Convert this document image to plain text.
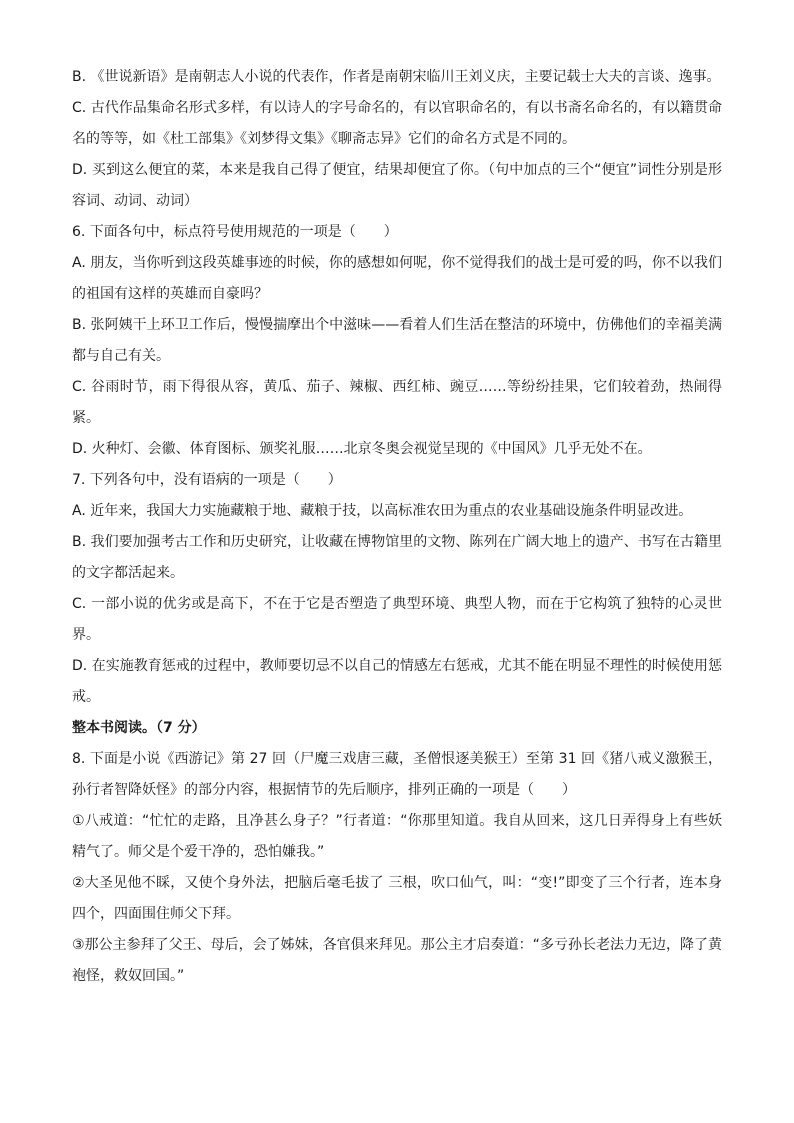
B. 《世说新语》是南朝志人小说的代表作，作者是南朝宋临川王刘义庆，主要记载士大夫的言谈、逸事。

C. 古代作品集命名形式多样，有以诗人的字号命名的，有以官职命名的，有以书斋名命名的，有以籍贯命名的等等，如《杜工部集》《刘梦得文集》《聊斋志异》它们的命名方式是不同的。

D. 买到这么便宜的菜，本来是我自己得了便宜，结果却便宜了你。（句中加点的三个“便宜”词性分别是形容词、动词、动词）

6. 下面各句中，标点符号使用规范的一项是（　　）

A. 朋友，当你听到这段英雄事迹的时候，你的感想如何呢，你不觉得我们的战士是可爱的吗，你不以我们的祖国有这样的英雄而自豪吗？

B. 张阿姨干上环卫工作后，慢慢揣摩出个中滋味——看着人们生活在整洁的环境中，仿佛他们的幸福美满都与自己有关。

C. 谷雨时节，雨下得很从容，黄瓜、茄子、辣椒、西红柿、豌豆……等纷纷挂果，它们较着劲，热闹得紧。

D. 火种灯、会徽、体育图标、颁奖礼服……北京冬奥会视觉呈现的《中国风》几乎无处不在。

7. 下列各句中，没有语病的一项是（　　）

A. 近年来，我国大力实施藏粮于地、藏粮于技，以高标准农田为重点的农业基础设施条件明显改进。

B. 我们要加强考古工作和历史研究，让收藏在博物馆里的文物、陈列在广阔大地上的遗产、书写在古籍里的文字都活起来。

C. 一部小说的优劣或是高下，不在于它是否塑造了典型环境、典型人物，而在于它构筑了独特的心灵世界。

D. 在实施教育惩戒的过程中，教师要切忌不以自己的情感左右惩戒，尤其不能在明显不理性的时候使用惩戒。

整本书阅读。（7 分）

8. 下面是小说《西游记》第 27 回（尸魔三戏唐三藏，圣僧恨逐美猴王）至第 31 回《猪八戒义激猴王，孙行者智降妖怪》的部分内容，根据情节的先后顺序，排列正确的一项是（　　）

①八戒道：“忙忙的走路，且净甚么身子？”行者道：“你那里知道。我自从回来，这几日弄得身上有些妖精气了。师父是个爱干净的，恐怕嫌我。”

②大圣见他不睬，又使个身外法，把脑后毫毛拔了 三根，吹口仙气，叫：“变!”即变了三个行者，连本身四个，四面围住师父下拜。

③那公主参拜了父王、母后，会了姊妹，各官俱来拜见。那公主才启奏道：“多亏孙长老法力无边，降了黄袍怪，救奴回国。”
